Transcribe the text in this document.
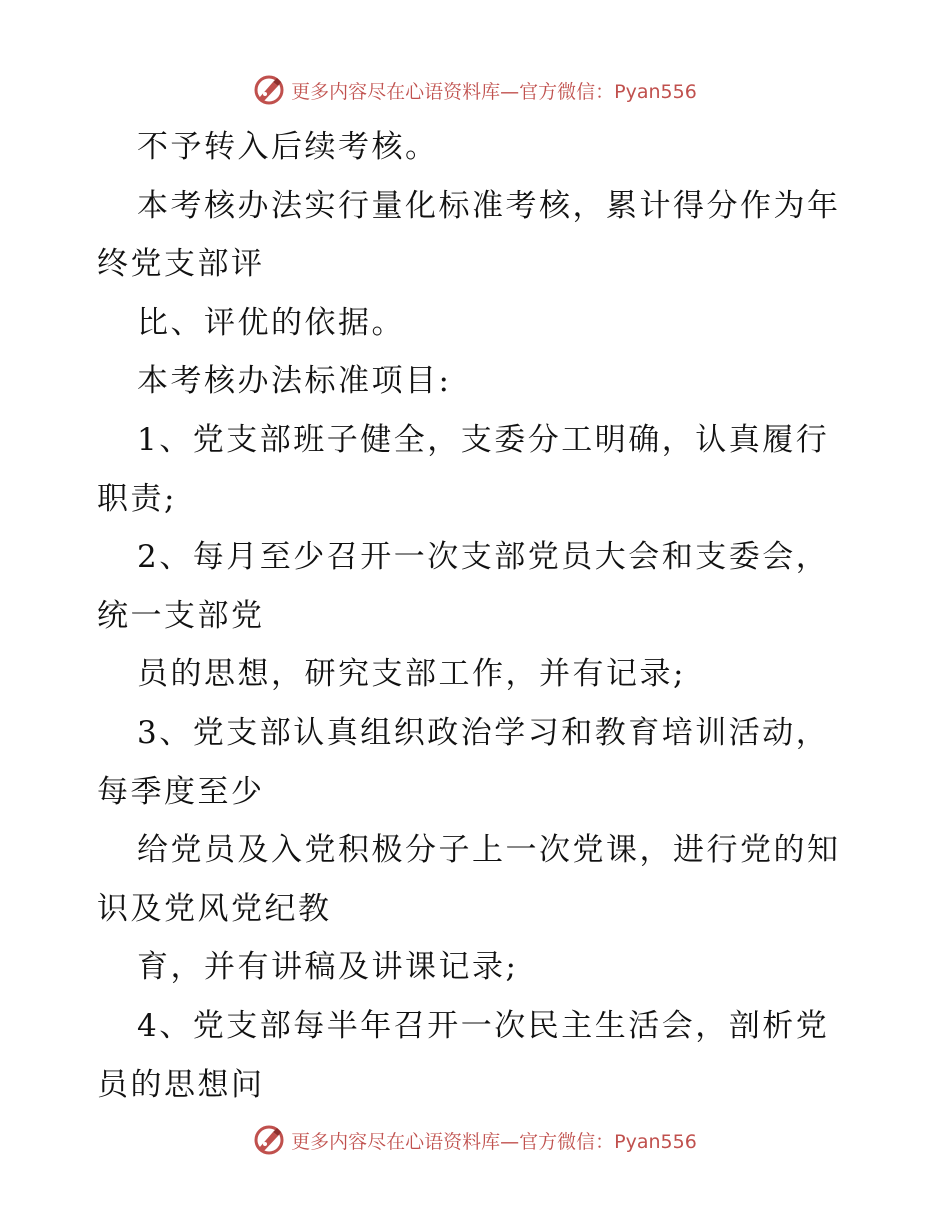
更多内容尽在心语资料库—官方微信：Pyan556
不予转入后续考核。
本考核办法实行量化标准考核，累计得分作为年
终党支部评
比、评优的依据。
本考核办法标准项目:
1、党支部班子健全，支委分工明确，认真履行
职责;
2、每月至少召开一次支部党员大会和支委会，
统一支部党
员的思想，研究支部工作，并有记录;
3、党支部认真组织政治学习和教育培训活动，
每季度至少
给党员及入党积极分子上一次党课，进行党的知
识及党风党纪教
育，并有讲稿及讲课记录;
4、党支部每半年召开一次民主生活会，剖析党
员的思想问
更多内容尽在心语资料库—官方微信：Pyan556
